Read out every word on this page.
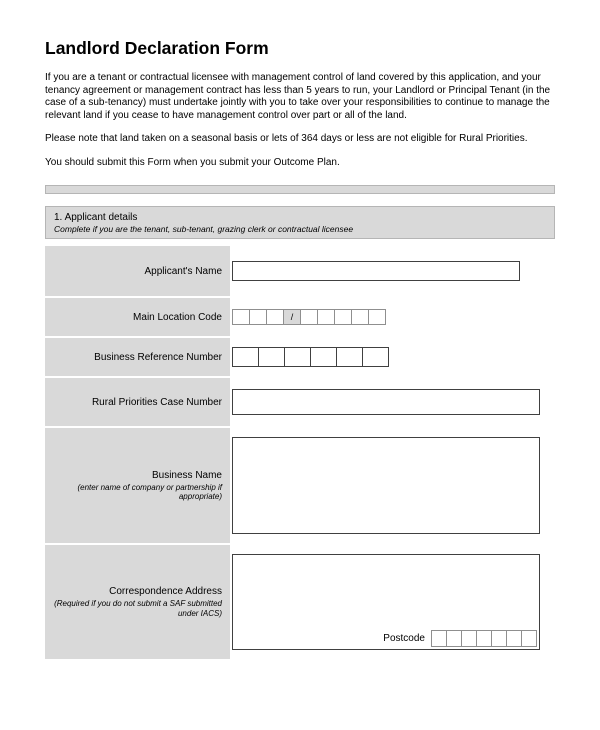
Landlord Declaration Form

If you are a tenant or contractual licensee with management control of land covered by this application, and your tenancy agreement or management contract has less than 5 years to run, your Landlord or Principal Tenant (in the case of a sub-tenancy) must undertake jointly with you to take over your responsibilities to continue to manage the relevant land if you cease to have management control over part or all of the land.

Please note that land taken on a seasonal basis or lets of 364 days or less are not eligible for Rural Priorities.

You should submit this Form when you submit your Outcome Plan.

1. Applicant details
Complete if you are the tenant, sub-tenant, grazing clerk or contractual licensee
Applicant's Name
Main Location Code	/
Business Reference Number
Rural Priorities Case Number
Business Name
(enter name of company or partnership if appropriate)
Correspondence Address
(Required if you do not submit a SAF submitted under IACS)
Postcode
